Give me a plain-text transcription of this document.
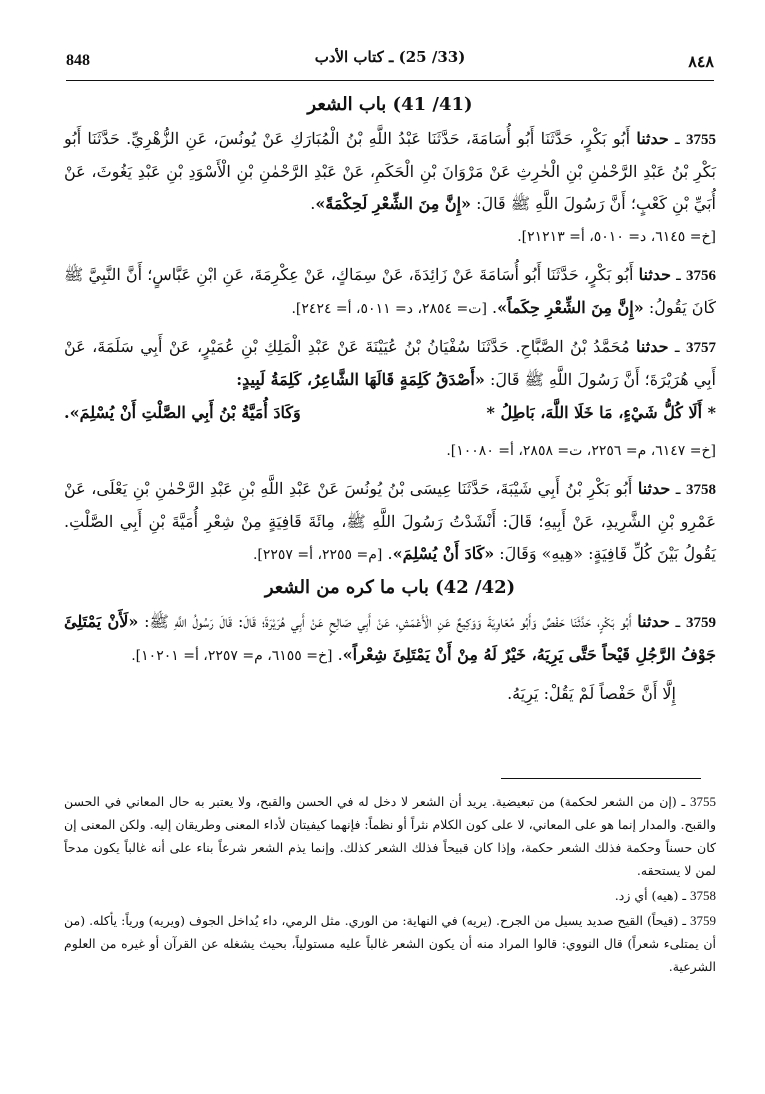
٨٤٨
(33/ 25) ـ كتاب الأدب
848
(41/ 41) باب الشعر

3755 ـ حدثنا أَبُو بَكْرٍ، حَدَّثَنَا أَبُو أُسَامَةَ، حَدَّثَنَا عَبْدُ اللَّهِ بْنُ الْمُبَارَكِ عَنْ يُونُسَ، عَنِ الزُّهْرِيِّ. حَدَّثَنَا أَبُو بَكْرِ بْنُ عَبْدِ الرَّحْمٰنِ بْنِ الْحٰرِثِ عَنْ مَرْوَانَ بْنِ الْحَكَمِ، عَنْ عَبْدِ الرَّحْمٰنِ بْنِ الْأَسْوَدِ بْنِ عَبْدِ يَغُوثَ، عَنْ أُبَيِّ بْنِ كَعْبٍ؛ أَنَّ رَسُولَ اللَّهِ ﷺ قَالَ: «إِنَّ مِنَ الشِّعْرِ لَحِكْمَةً».
[خ= ٦١٤٥، د= ٥٠١٠، أ= ٢١٢١٣].

3756 ـ حدثنا أَبُو بَكْرٍ، حَدَّثَنَا أَبُو أُسَامَةَ عَنْ زَائِدَةَ، عَنْ سِمَاكٍ، عَنْ عِكْرِمَةَ، عَنِ ابْنِ عَبَّاسٍ؛ أَنَّ النَّبِيَّ ﷺ كَانَ يَقُولُ: «إِنَّ مِنَ الشِّعْرِ حِكَماً». [ت= ٢٨٥٤، د= ٥٠١١، أ= ٢٤٢٤].

3757 ـ حدثنا مُحَمَّدُ بْنُ الصَّبَّاحِ. حَدَّثَنَا سُفْيَانُ بْنُ عُيَيْنَةَ عَنْ عَبْدِ الْمَلِكِ بْنِ عُمَيْرٍ، عَنْ أَبِي سَلَمَةَ، عَنْ أَبِي هُرَيْرَةَ؛ أَنَّ رَسُولَ اللَّهِ ﷺ قَالَ: «أَصْدَقُ كَلِمَةٍ قَالَهَا الشَّاعِرُ، كَلِمَةُ لَبِيدٍ:

* أَلَا كُلُّ شَيْءٍ، مَا خَلَا اللَّهَ، بَاطِلُ *
وَكَادَ أُمَيَّةُ بْنُ أَبِي الصَّلْتِ أَنْ يُسْلِمَ».

[خ= ٦١٤٧، م= ٢٢٥٦، ت= ٢٨٥٨، أ= ١٠٠٨٠].

3758 ـ حدثنا أَبُو بَكْرِ بْنُ أَبِي شَيْبَةَ، حَدَّثَنَا عِيسَى بْنُ يُونُسَ عَنْ عَبْدِ اللَّهِ بْنِ عَبْدِ الرَّحْمٰنِ بْنِ يَعْلَى، عَنْ عَمْرِو بْنِ الشَّرِيدِ، عَنْ أَبِيهِ؛ قَالَ: أَنْشَدْتُ رَسُولَ اللَّهِ ﷺ، مِائَةَ قَافِيَةٍ مِنْ شِعْرِ أُمَيَّةَ بْنِ أَبِي الصَّلْتِ. يَقُولُ بَيْنَ كُلِّ قَافِيَةٍ: «هِيهِ» وَقَالَ: «كَادَ أَنْ يُسْلِمَ». [م= ٢٢٥٥، أ= ٢٢٥٧].

(42/ 42) باب ما كره من الشعر

3759 ـ حدثنا أَبُو بَكْرٍ، حَدَّثَنَا حَفْصٌ وَأَبُو مُعَاوِيَةَ وَوَكِيعٌ عَنِ الْأَعْمَشِ، عَنْ أَبِي صَالِحٍ عَنْ أَبِي هُرَيْرَةَ؛ قَالَ: قَالَ رَسُولُ اللَّهِ ﷺ: «لَأَنْ يَمْتَلِئَ جَوْفُ الرَّجُلِ قَيْحاً حَتَّى يَرِيَهُ، خَيْرٌ لَهُ مِنْ أَنْ يَمْتَلِئَ شِعْراً». [خ= ٦١٥٥، م= ٢٢٥٧، أ= ١٠٢٠١].

إِلَّا أَنَّ حَفْصاً لَمْ يَقُلْ: يَرِيَهُ.

3755 ـ (إن من الشعر لحكمة) من تبعيضية. يريد أن الشعر لا دخل له في الحسن والقبح، ولا يعتبر به حال المعاني في الحسن والقبح. والمدار إنما هو على المعاني، لا على كون الكلام نثراً أو نظماً: فإنهما كيفيتان لأداء المعنى وطريقان إليه. ولكن المعنى إن كان حسناً وحكمة فذلك الشعر حكمة، وإذا كان قبيحاً فذلك الشعر كذلك. وإنما يذم الشعر شرعاً بناء على أنه غالباً يكون مدحاً لمن لا يستحقه.

3758 ـ (هيه) أي زد.

3759 ـ (قيحاً) القيح صديد يسيل من الجرح. (يريه) في النهاية: من الوري. مثل الرمي، داء يُداخل الجوف (ويريه) ورياً: يأكله. (من أن يمتلىء شعراً) قال النووي: قالوا المراد منه أن يكون الشعر غالباً عليه مستولياً، بحيث يشغله عن القرآن أو غيره من العلوم الشرعية.
